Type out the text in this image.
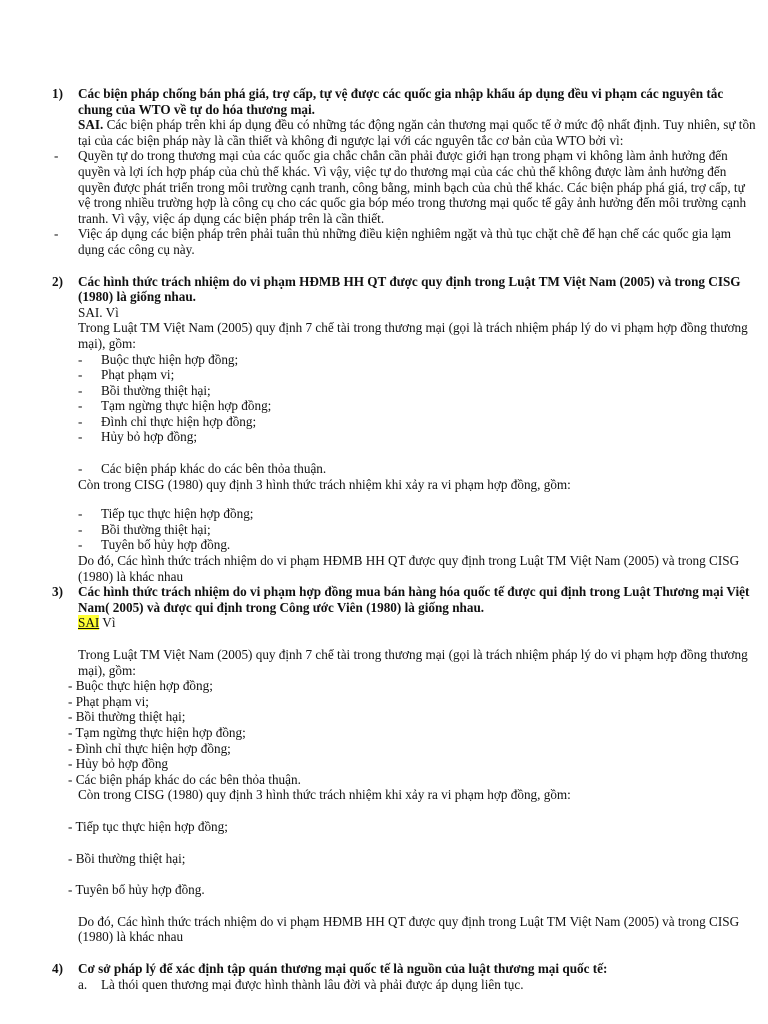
1) Các biện pháp chống bán phá giá, trợ cấp, tự vệ được các quốc gia nhập khẩu áp dụng đều vi phạm các nguyên tắc chung của WTO về tự do hóa thương mại.
SAI. Các biện pháp trên khi áp dụng đều có những tác động ngăn cản thương mại quốc tế ở mức độ nhất định. Tuy nhiên, sự tồn tại của các biện pháp này là cần thiết và không đi ngược lại với các nguyên tắc cơ bản của WTO bởi vì:
- Quyền tự do trong thương mại của các quốc gia chắc chắn cần phải được giới hạn trong phạm vi không làm ảnh hưởng đến quyền và lợi ích hợp pháp của chủ thể khác. Vì vậy, việc tự do thương mại của các chủ thể không được làm ảnh hưởng đến quyền được phát triển trong môi trường cạnh tranh, công bằng, minh bạch của chủ thể khác. Các biện pháp phá giá, trợ cấp, tự vệ trong nhiều trường hợp là công cụ cho các quốc gia bóp méo trong thương mại quốc tế gây ảnh hưởng đến môi trường cạnh tranh. Vì vậy, việc áp dụng các biện pháp trên là cần thiết.
- Việc áp dụng các biện pháp trên phải tuân thủ những điều kiện nghiêm ngặt và thủ tục chặt chẽ để hạn chế các quốc gia lạm dụng các công cụ này.
2) Các hình thức trách nhiệm do vi phạm HĐMB HH QT được quy định trong Luật TM Việt Nam (2005) và trong CISG (1980) là giống nhau.
SAI. Vì
Trong Luật TM Việt Nam (2005) quy định 7 chế tài trong thương mại (gọi là trách nhiệm pháp lý do vi phạm hợp đồng thương mại), gồm:
- Buộc thực hiện hợp đồng;
- Phạt phạm vi;
- Bồi thường thiệt hại;
- Tạm ngừng thực hiện hợp đồng;
- Đình chỉ thực hiện hợp đồng;
- Hủy bỏ hợp đồng;
- Các biện pháp khác do các bên thỏa thuận.
Còn trong CISG (1980) quy định 3 hình thức trách nhiệm khi xảy ra vi phạm hợp đồng, gồm:
- Tiếp tục thực hiện hợp đồng;
- Bồi thường thiệt hại;
- Tuyên bố hủy hợp đồng.
Do đó, Các hình thức trách nhiệm do vi phạm HĐMB HH QT được quy định trong Luật TM Việt Nam (2005) và trong CISG (1980) là khác nhau
3) Các hình thức trách nhiệm do vi phạm hợp đồng mua bán hàng hóa quốc tế được qui định trong Luật Thương mại Việt Nam( 2005) và được qui định trong Công ước Viên (1980) là giống nhau.
SAI Vì
Trong Luật TM Việt Nam (2005) quy định 7 chế tài trong thương mại (gọi là trách nhiệm pháp lý do vi phạm hợp đồng thương mại), gồm:
- Buộc thực hiện hợp đồng;
- Phạt phạm vi;
- Bồi thường thiệt hại;
- Tạm ngừng thực hiện hợp đồng;
- Đình chỉ thực hiện hợp đồng;
- Hủy bỏ hợp đồng
- Các biện pháp khác do các bên thỏa thuận.
Còn trong CISG (1980) quy định 3 hình thức trách nhiệm khi xảy ra vi phạm hợp đồng, gồm:
- Tiếp tục thực hiện hợp đồng;
- Bồi thường thiệt hại;
- Tuyên bố hủy hợp đồng.
Do đó, Các hình thức trách nhiệm do vi phạm HĐMB HH QT được quy định trong Luật TM Việt Nam (2005) và trong CISG (1980) là khác nhau
4) Cơ sở pháp lý để xác định tập quán thương mại quốc tế là nguồn của luật thương mại quốc tế:
a. Là thói quen thương mại được hình thành lâu đời và phải được áp dụng liên tục.
